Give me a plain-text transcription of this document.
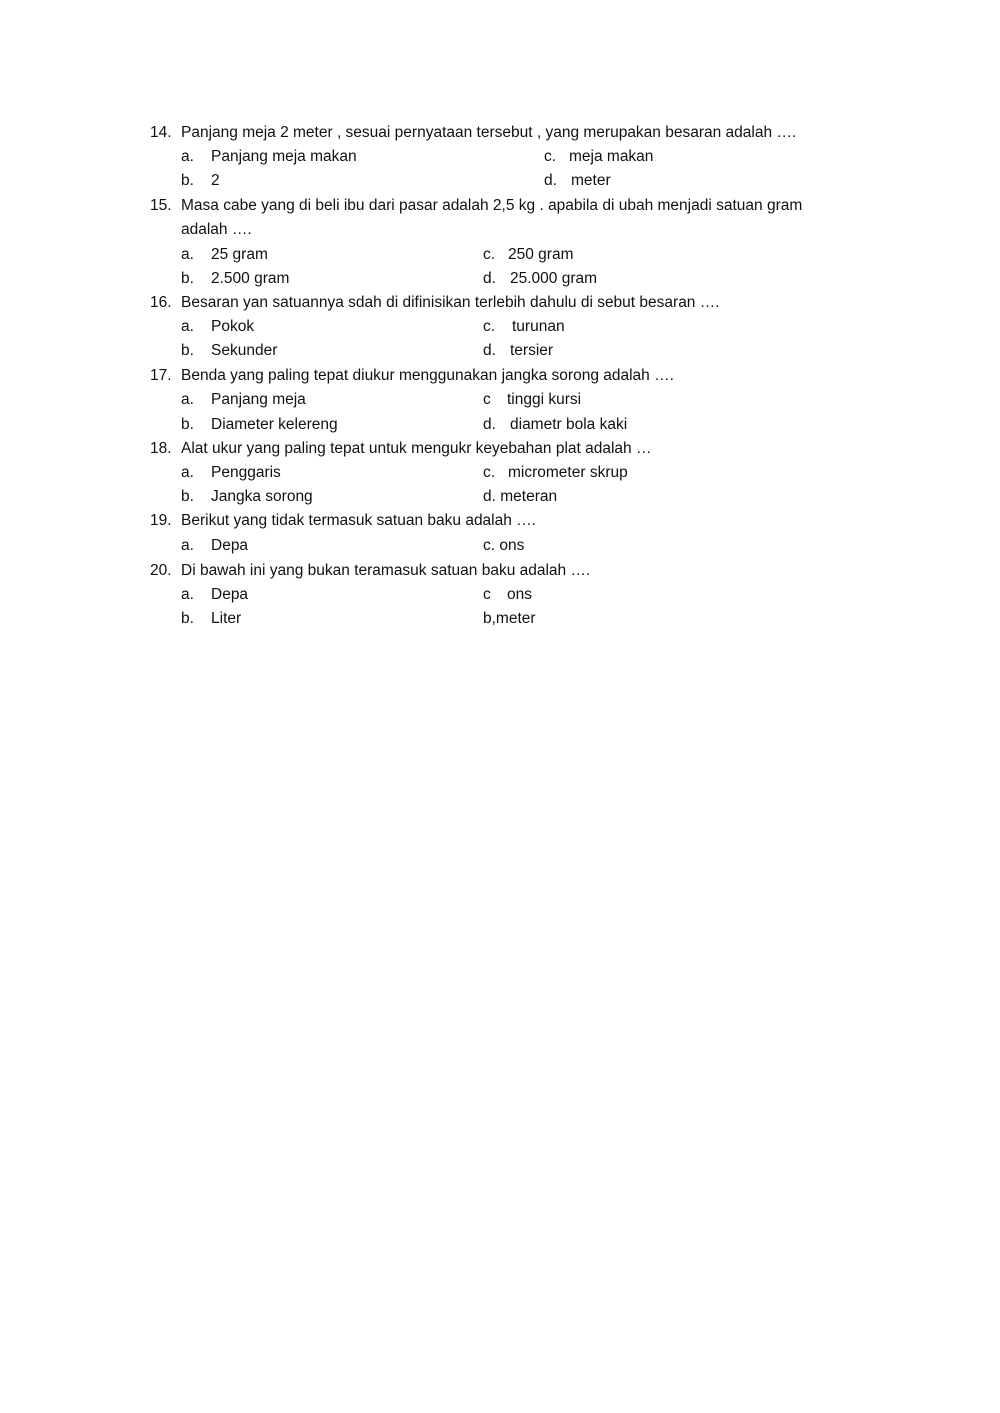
14. Panjang meja 2 meter , sesuai pernyataan tersebut , yang merupakan besaran adalah ….
a. Panjang meja makan	c. meja makan
b. 2	d. meter
15. Masa cabe yang di beli ibu dari pasar adalah 2,5 kg . apabila di ubah menjadi satuan gram
adalah ….
a. 25 gram	c. 250 gram
b. 2.500 gram	d. 25.000 gram
16. Besaran yan satuannya sdah di difinisikan terlebih dahulu di sebut besaran ….
a. Pokok	c. turunan
b. Sekunder	d. tersier
17. Benda yang paling tepat diukur menggunakan jangka sorong adalah ….
a. Panjang meja	c tinggi kursi
b. Diameter kelereng	d. diametr bola kaki
18. Alat ukur yang paling tepat untuk mengukr keyebahan plat adalah …
a. Penggaris	c. micrometer skrup
b. Jangka sorong	d. meteran
19. Berikut yang tidak termasuk satuan baku adalah ….
a. Depa	c. ons
20. Di bawah ini yang bukan teramasuk satuan baku adalah ….
a. Depa	c ons
b. Liter	b,meter
